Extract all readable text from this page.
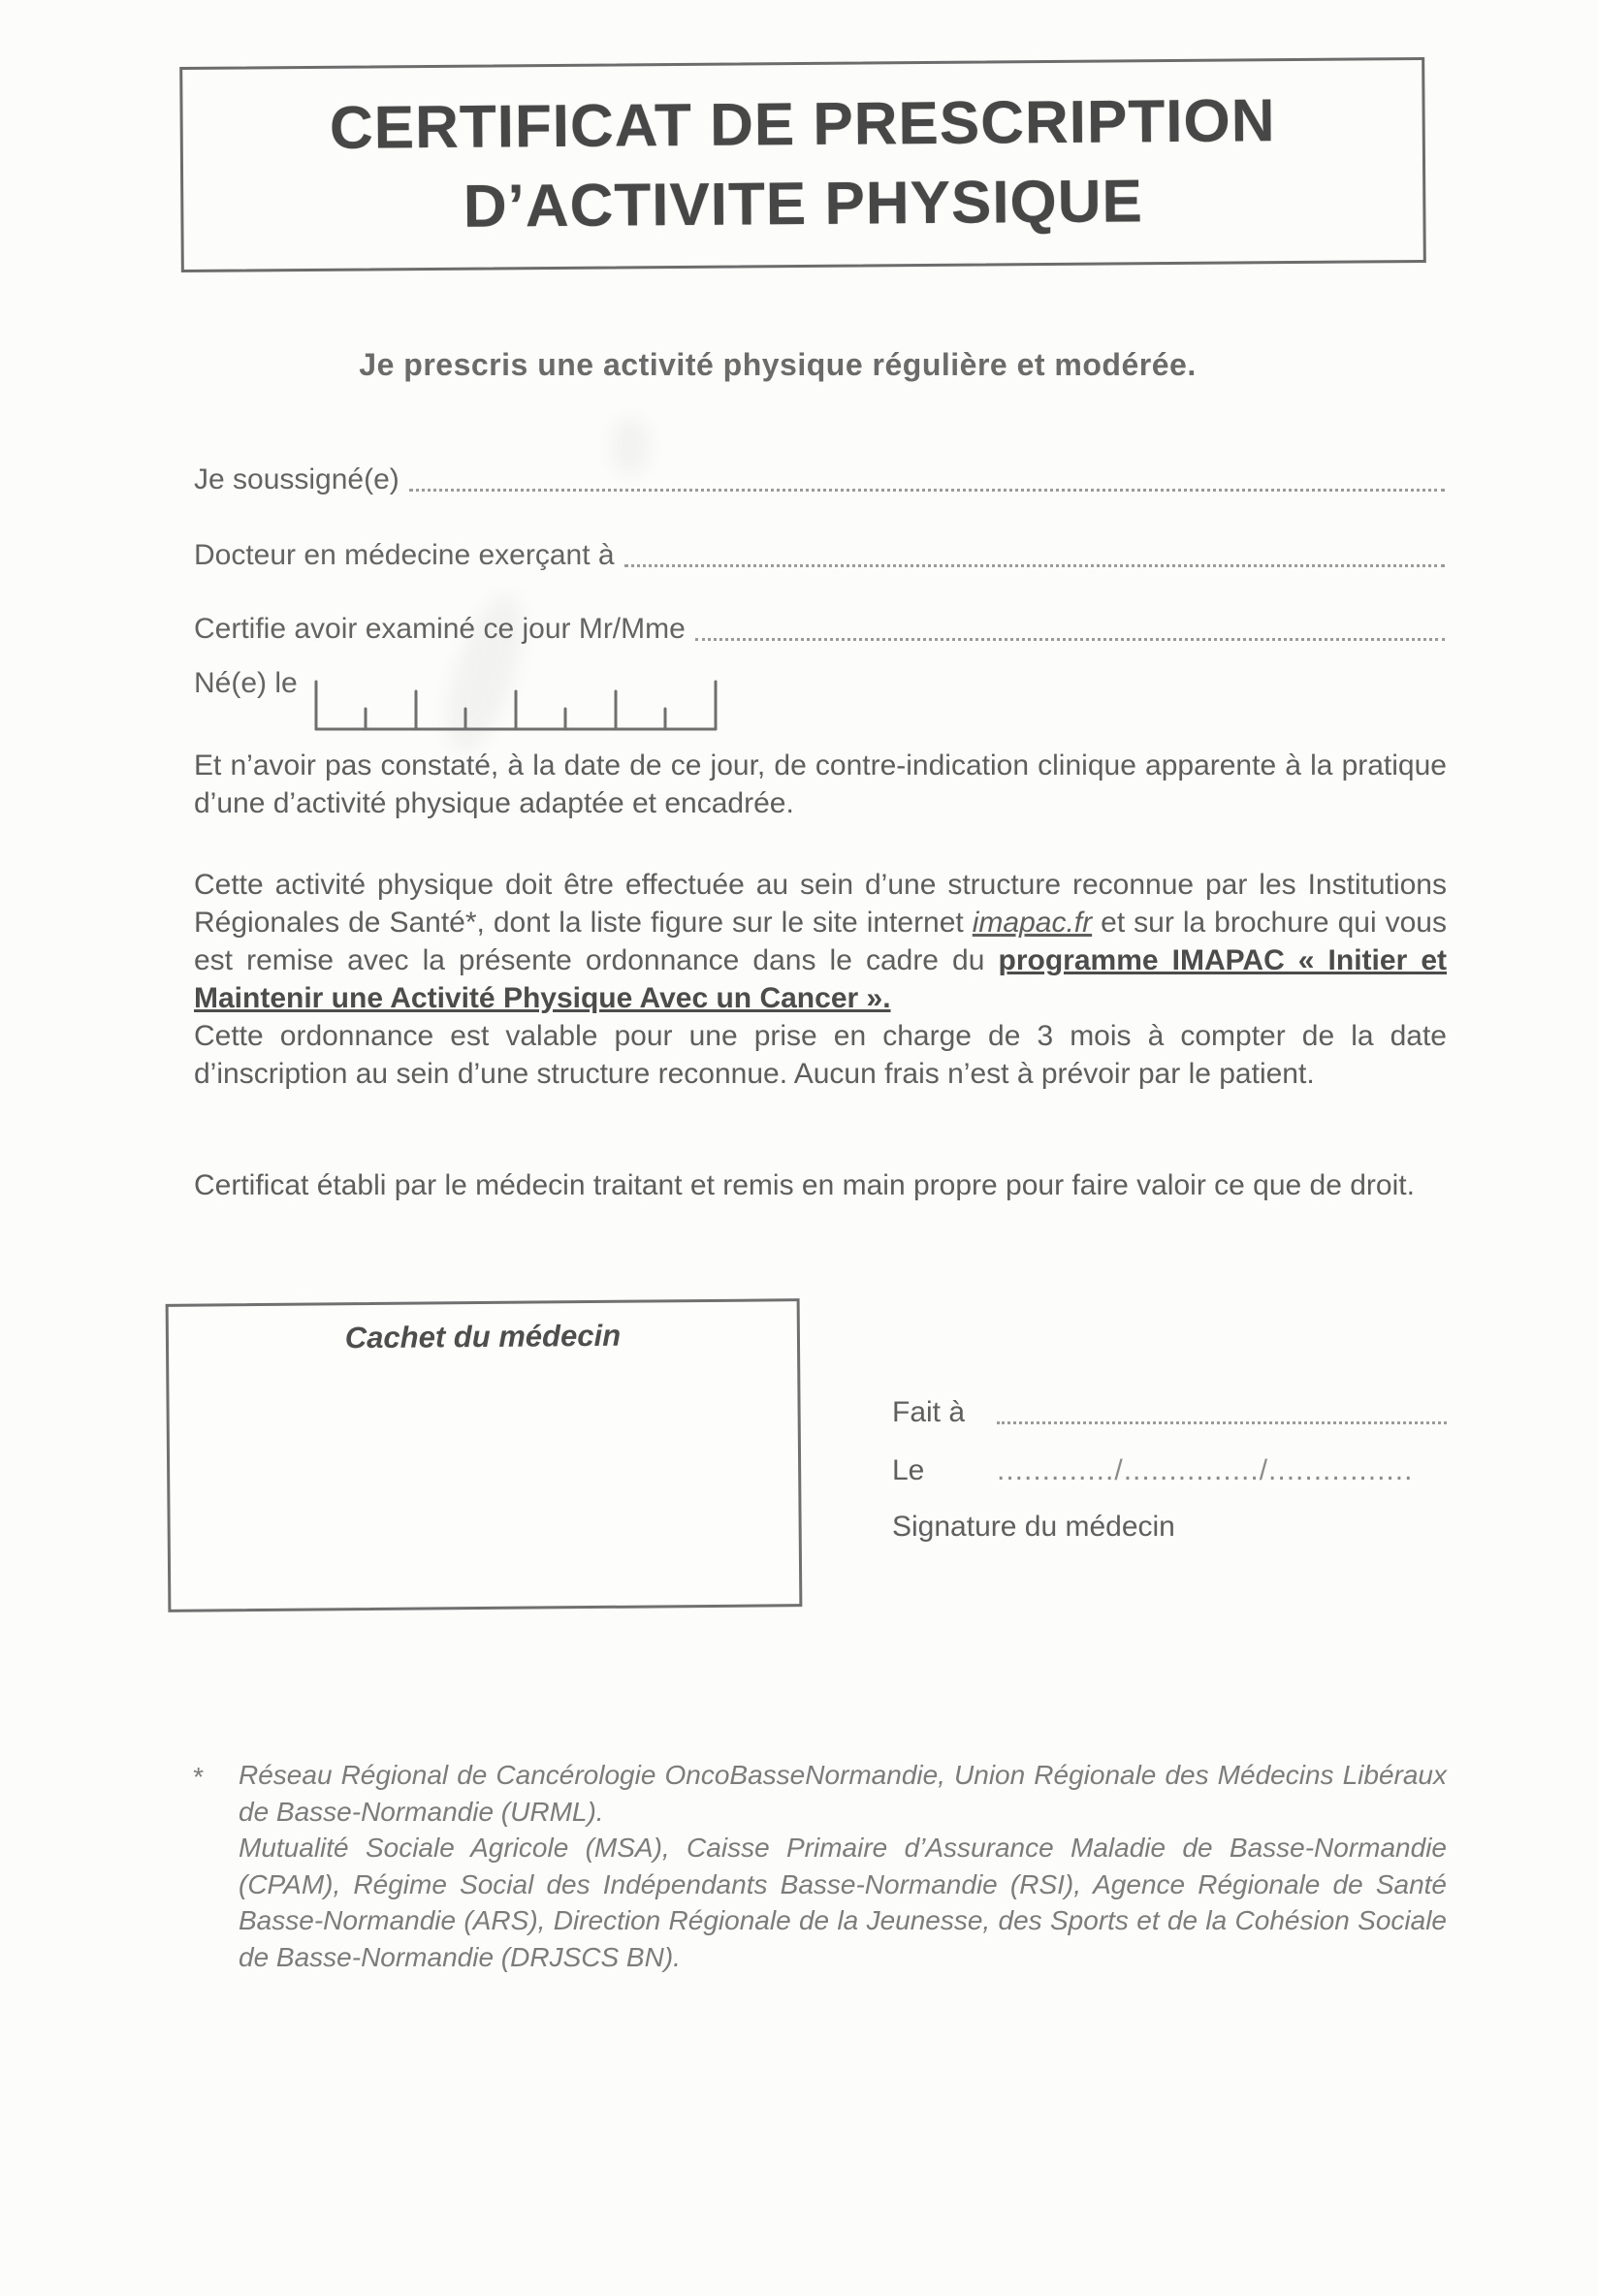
CERTIFICAT DE PRESCRIPTION
D’ACTIVITE PHYSIQUE
Je prescris une activité physique régulière et modérée.
Je soussigné(e)
Docteur en médecine exerçant à
Certifie avoir examiné ce jour Mr/Mme
Né(e) le
Et n’avoir pas constaté, à la date de ce jour, de contre-indication clinique apparente à la pratique d’une d’activité physique adaptée et encadrée.

Cette activité physique doit être effectuée au sein d’une structure reconnue par les Institutions Régionales de Santé*, dont la liste figure sur le site internet imapac.fr et sur la brochure qui vous est remise avec la présente ordonnance dans le cadre du programme IMAPAC « Initier et Maintenir une Activité Physique Avec un Cancer ».

Cette ordonnance est valable pour une prise en charge de 3 mois à compter de la date d’inscription au sein d’une structure reconnue. Aucun frais n’est à prévoir par le patient.

Certificat établi par le médecin traitant et remis en main propre pour faire valoir ce que de droit.
Cachet du médecin
Fait à
Le	............./.............../................
Signature du médecin
* Réseau Régional de Cancérologie OncoBasseNormandie, Union Régionale des Médecins Libéraux de Basse-Normandie (URML).

Mutualité Sociale Agricole (MSA), Caisse Primaire d’Assurance Maladie de Basse-Normandie (CPAM), Régime Social des Indépendants Basse-Normandie (RSI), Agence Régionale de Santé Basse-Normandie (ARS), Direction Régionale de la Jeunesse, des Sports et de la Cohésion Sociale de Basse-Normandie (DRJSCS BN).
